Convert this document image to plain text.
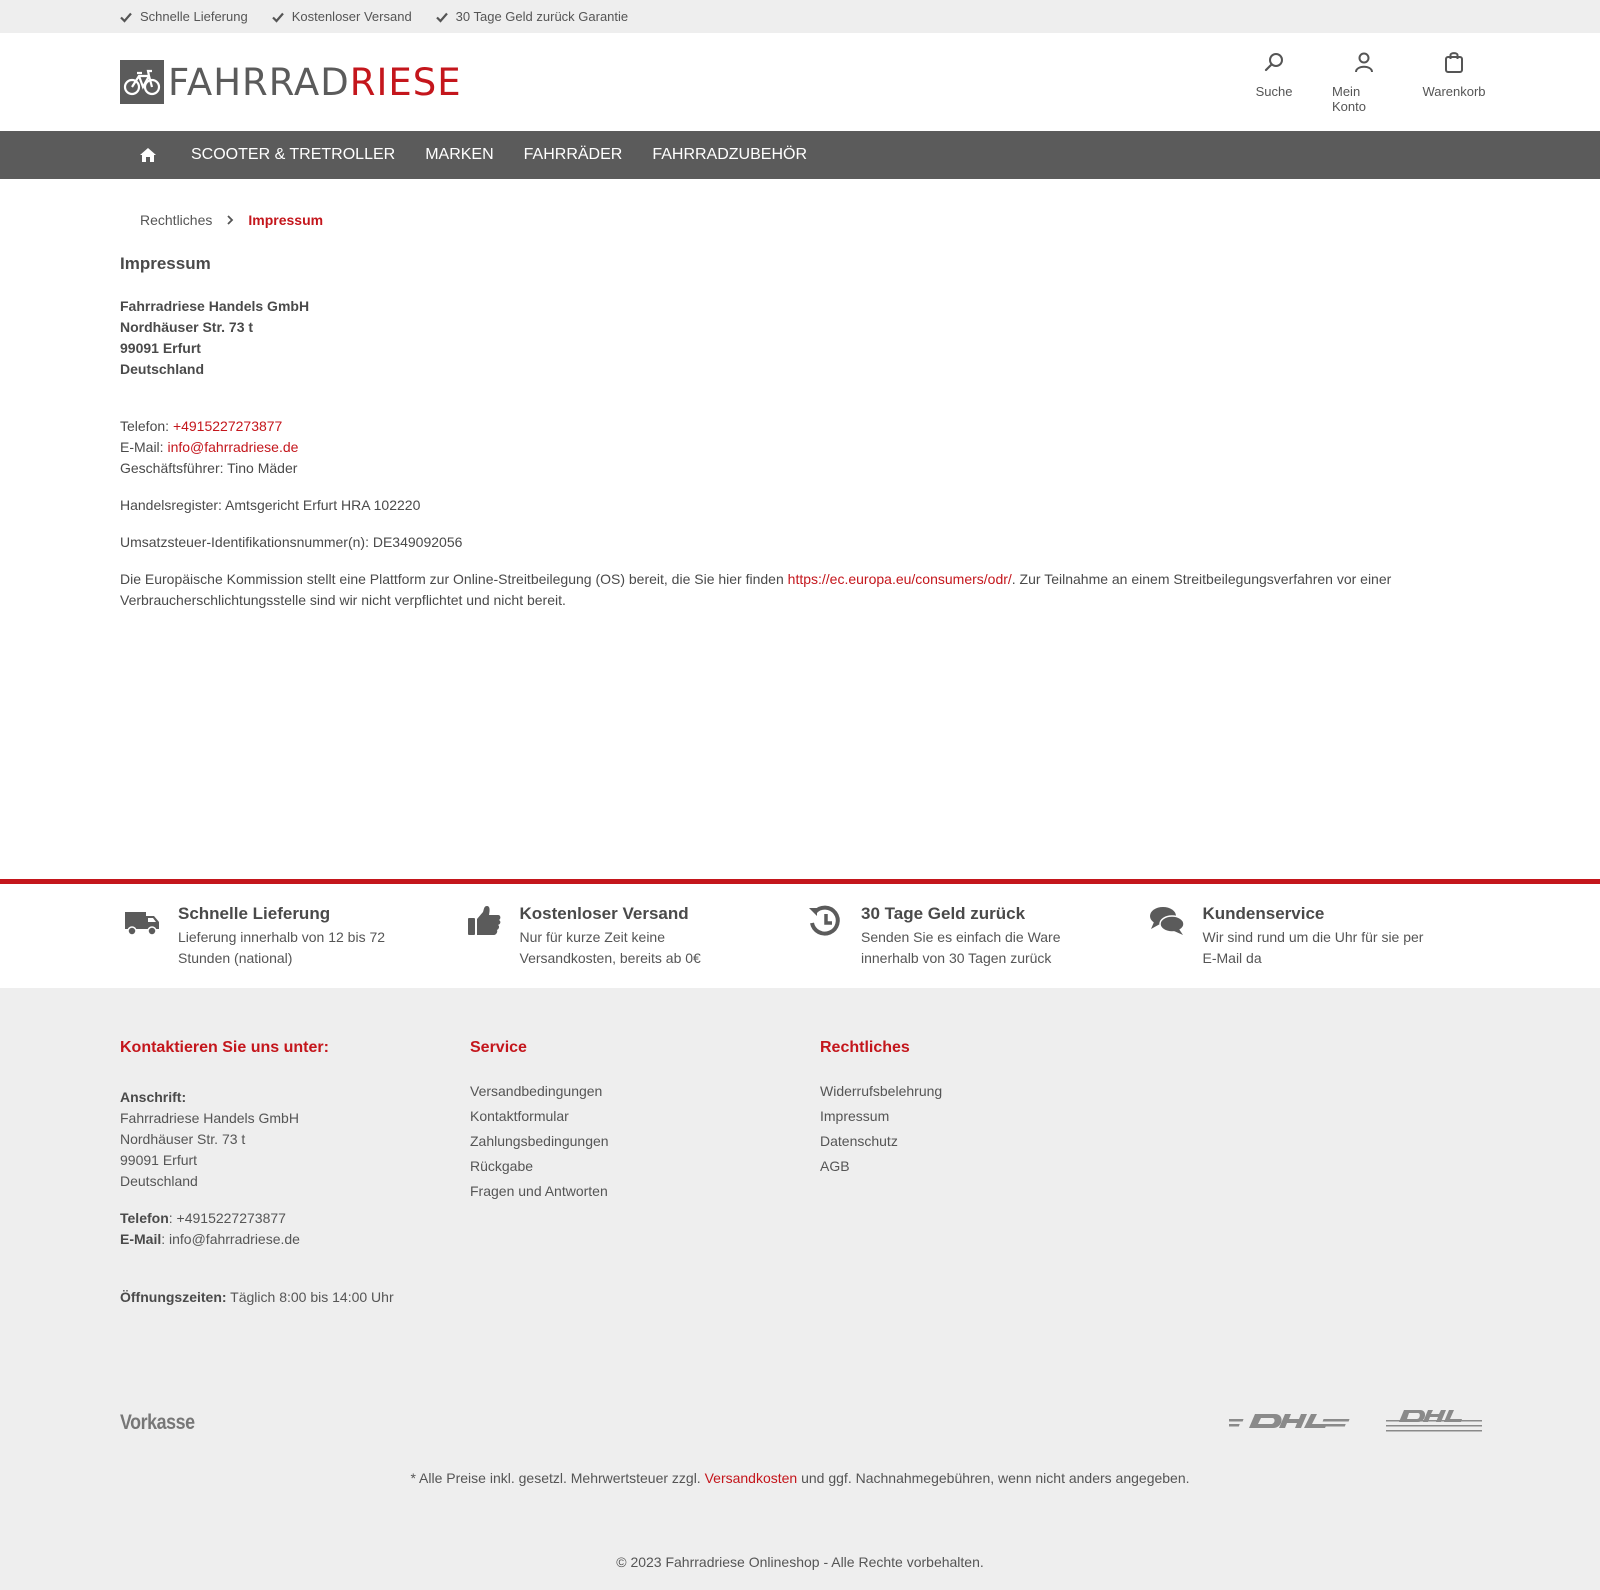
Schnelle Lieferung	Kostenloser Versand	30 Tage Geld zurück Garantie
FAHRRADRIESE	Suche	Mein Konto
Warenkorb
SCOOTER & TRETROLLER	MARKEN	FAHRRÄDER	FAHRRADZUBEHÖR
Rechtliches	Impressum
Impressum
Fahrradriese Handels GmbH
Nordhäuser Str. 73 t
99091 Erfurt
Deutschland
Telefon: +4915227273877
E-Mail: info@fahrradriese.de
Geschäftsführer: Tino Mäder
Handelsregister: Amtsgericht Erfurt HRA 102220
Umsatzsteuer-Identifikationsnummer(n): DE349092056
Die Europäische Kommission stellt eine Plattform zur Online-Streitbeilegung (OS) bereit, die Sie hier finden https://ec.europa.eu/consumers/odr/. Zur Teilnahme an einem Streitbeilegungsverfahren vor einer Verbraucherschlichtungsstelle sind wir nicht verpflichtet und nicht bereit.
Schnelle Lieferung
Lieferung innerhalb von 12 bis 72
Stunden (national)
Kostenloser Versand
Nur für kurze Zeit keine
Versandkosten, bereits ab 0€
30 Tage Geld zurück
Senden Sie es einfach die Ware
innerhalb von 30 Tagen zurück
Kundenservice
Wir sind rund um die Uhr für sie per
E-Mail da
Kontaktieren Sie uns unter:
Anschrift:
Fahrradriese Handels GmbH
Nordhäuser Str. 73 t
99091 Erfurt
Deutschland
Telefon: +4915227273877
E-Mail: info@fahrradriese.de
Öffnungszeiten: Täglich 8:00 bis 14:00 Uhr
Service
Versandbedingungen
Kontaktformular
Zahlungsbedingungen
Rückgabe
Fragen und Antworten
Rechtliches
Widerrufsbelehrung
Impressum
Datenschutz
AGB
Vorkasse
* Alle Preise inkl. gesetzl. Mehrwertsteuer zzgl. Versandkosten und ggf. Nachnahmegebühren, wenn nicht anders angegeben.
© 2023 Fahrradriese Onlineshop - Alle Rechte vorbehalten.
